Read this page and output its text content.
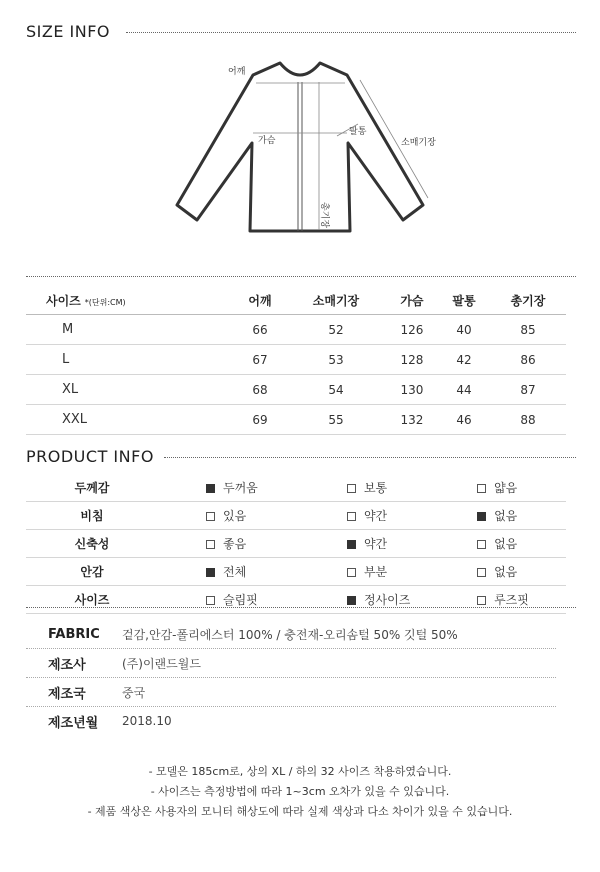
SIZE INFO
어깨
가슴
팔통
소매기장
총기장
사이즈 *(단위:CM)	어깨	소매기장	가슴	팔통	총기장
M	66	52	126	40	85
L	67	53	128	42	86
XL	68	54	130	44	87
XXL	69	55	132	46	88
PRODUCT INFO
두께감	두꺼움	보통	얇음
비침	있음	약간	없음
신축성	좋음	약간	없음
안감	전체	부분	없음
사이즈	슬림핏	정사이즈	루즈핏
FABRIC	겉감,안감-폴리에스터 100% / 충전재-오리솜털 50% 깃털 50%
제조사	(주)이랜드월드
제조국	중국
제조년월	2018.10
- 모델은 185cm로, 상의 XL / 하의 32 사이즈 착용하였습니다.
- 사이즈는 측정방법에 따라 1~3cm 오차가 있을 수 있습니다.
- 제품 색상은 사용자의 모니터 해상도에 따라 실제 색상과 다소 차이가 있을 수 있습니다.
